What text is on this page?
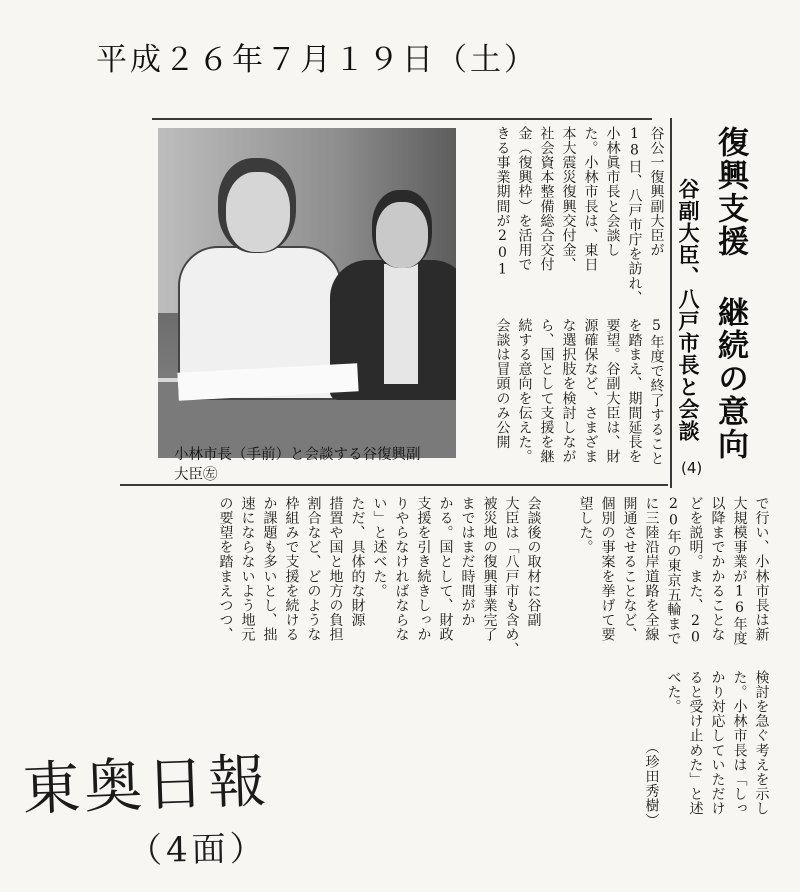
平成２６年７月１９日（土）
小林市長（手前）と会談する谷復興副大臣㊧
復興支援 継続の意向
谷副大臣、八戸市長と会談
(4)
谷公一復興副大臣が
18日、八戸市庁を訪れ、
小林眞市長と会談し
た。小林市長は、東日
本大震災復興交付金、
社会資本整備総合交付
金（復興枠）を活用で
きる事業期間が201
5年度で終了すること
を踏まえ、期間延長を
要望。谷副大臣は、財
源確保など、さまざま
な選択肢を検討しなが
ら、国として支援を継
続する意向を伝えた。
会談は冒頭のみ公開
で行い、小林市長は新
大規模事業が16年度
以降までかかることな
どを説明。また、20
20年の東京五輪まで
に三陸沿岸道路を全線
開通させることなど、
個別の事案を挙げて要
望した。
会談後の取材に谷副
大臣は「八戸市も含め、
被災地の復興事業完了
まではまだ時間がか
かる。国として、財政
支援を引き続きしっか
りやらなければならな
い」と述べた。
ただ、具体的な財源
措置や国と地方の負担
割合など、どのような
枠組みで支援を続ける
か課題も多いとし、拙
速にならないよう地元
の要望を踏まえつつ、
検討を急ぐ考えを示し
た。小林市長は「しっ
かり対応していただけ
ると受け止めた」と述
べた。
（珍田秀樹）
東奥日報
（4面）
